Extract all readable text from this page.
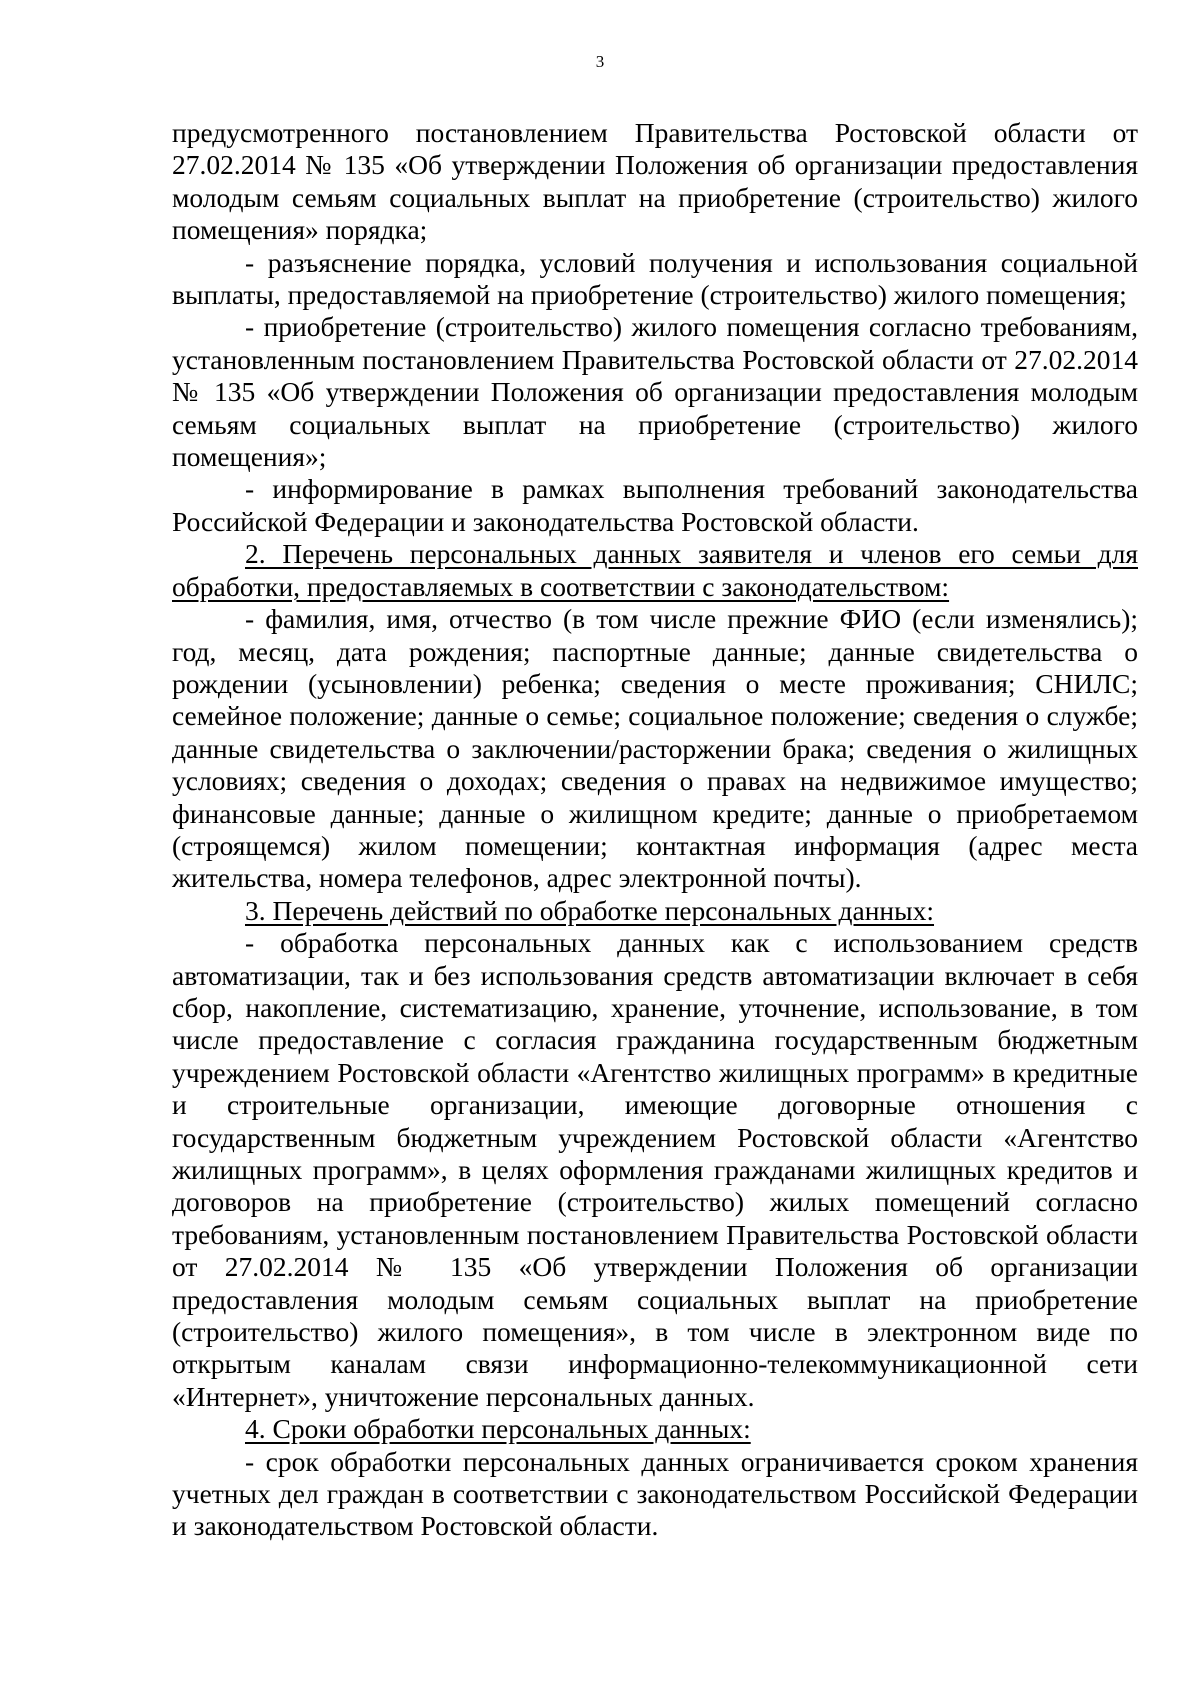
3

предусмотренного постановлением Правительства Ростовской области от 27.02.2014 № 135 «Об утверждении Положения об организации предоставления молодым семьям социальных выплат на приобретение (строительство) жилого помещения» порядка;

- разъяснение порядка, условий получения и использования социальной выплаты, предоставляемой на приобретение (строительство) жилого помещения;

- приобретение (строительство) жилого помещения согласно требованиям, установленным постановлением Правительства Ростовской области от 27.02.2014 № 135 «Об утверждении Положения об организации предоставления молодым семьям социальных выплат на приобретение (строительство) жилого помещения»;

- информирование в рамках выполнения требований законодательства Российской Федерации и законодательства Ростовской области.

2. Перечень персональных данных заявителя и членов его семьи для обработки, предоставляемых в соответствии с законодательством:

- фамилия, имя, отчество (в том числе прежние ФИО (если изменялись); год, месяц, дата рождения; паспортные данные; данные свидетельства о рождении (усыновлении) ребенка; сведения о месте проживания; СНИЛС; семейное положение; данные о семье; социальное положение; сведения о службе; данные свидетельства о заключении/расторжении брака; сведения о жилищных условиях; сведения о доходах; сведения о правах на недвижимое имущество; финансовые данные; данные о жилищном кредите; данные о приобретаемом (строящемся) жилом помещении; контактная информация (адрес места жительства, номера телефонов, адрес электронной почты).

3. Перечень действий по обработке персональных данных:

- обработка персональных данных как с использованием средств автоматизации, так и без использования средств автоматизации включает в себя сбор, накопление, систематизацию, хранение, уточнение, использование, в том числе предоставление с согласия гражданина государственным бюджетным учреждением Ростовской области «Агентство жилищных программ» в кредитные и строительные организации, имеющие договорные отношения с государственным бюджетным учреждением Ростовской области «Агентство жилищных программ», в целях оформления гражданами жилищных кредитов и договоров на приобретение (строительство) жилых помещений согласно требованиям, установленным постановлением Правительства Ростовской области от 27.02.2014 № 135 «Об утверждении Положения об организации предоставления молодым семьям социальных выплат на приобретение (строительство) жилого помещения», в том числе в электронном виде по открытым каналам связи информационно-телекоммуникационной сети «Интернет», уничтожение персональных данных.

4. Сроки обработки персональных данных:

- срок обработки персональных данных ограничивается сроком хранения учетных дел граждан в соответствии с законодательством Российской Федерации и законодательством Ростовской области.
